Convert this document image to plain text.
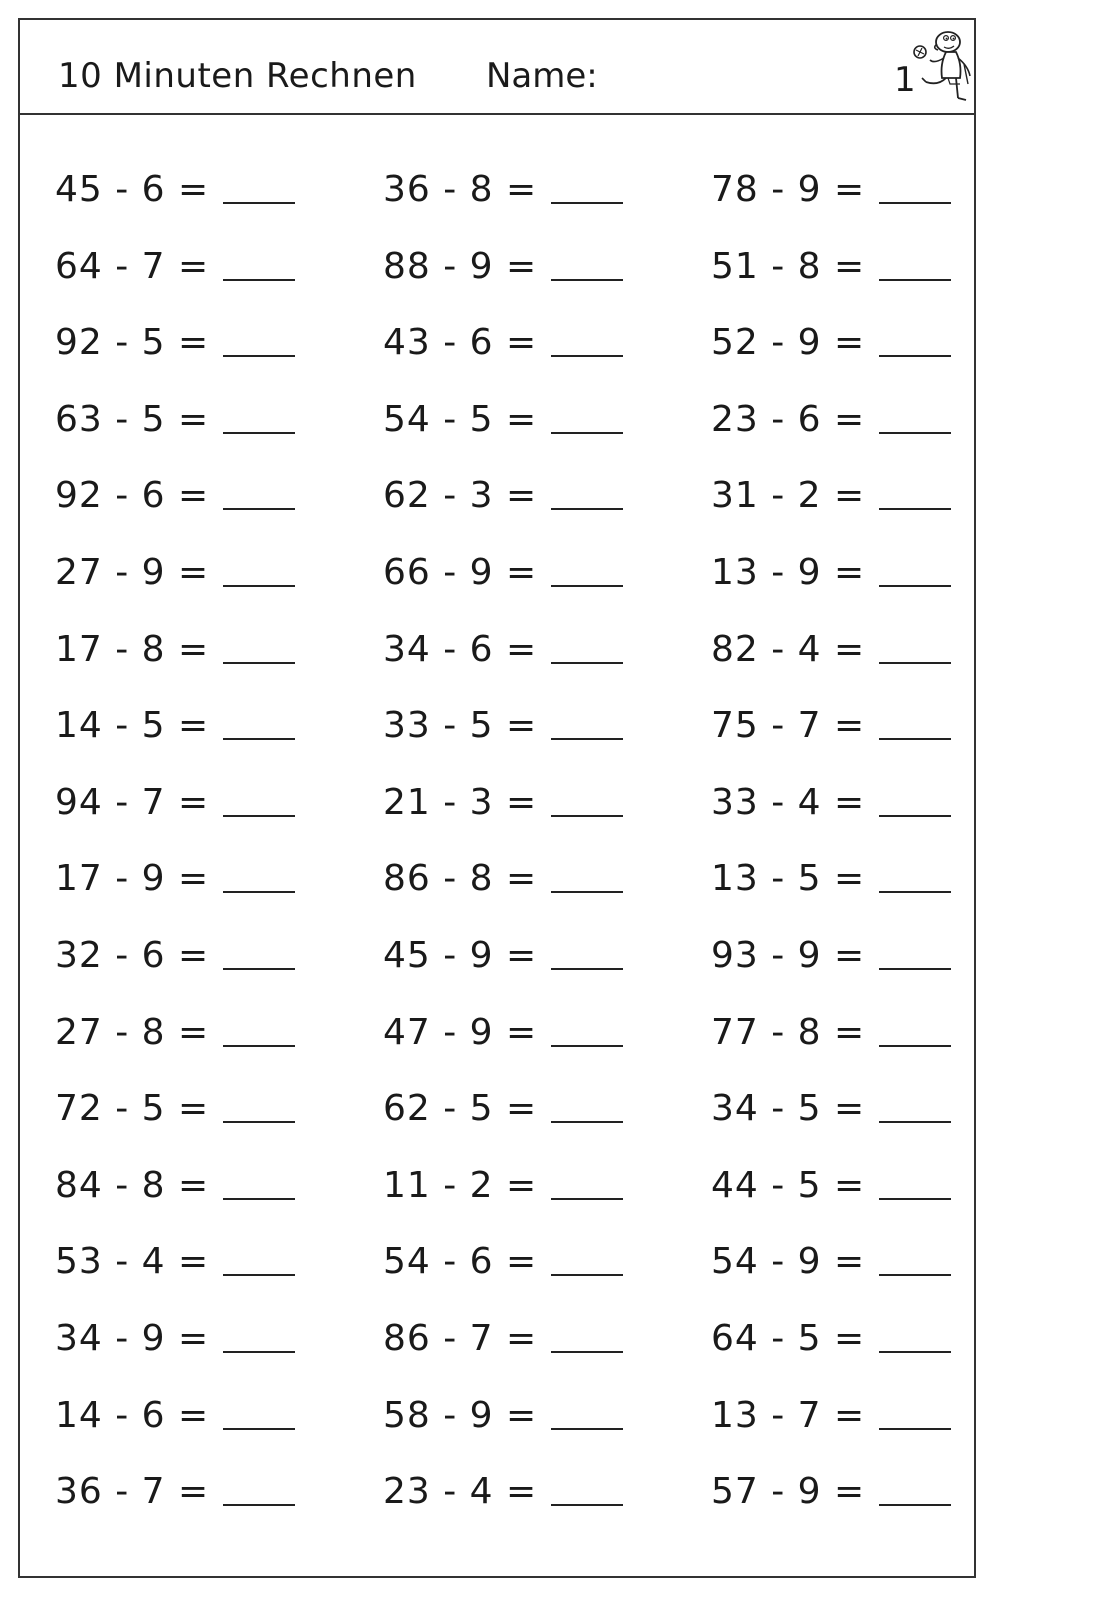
10 Minuten Rechnen Name:	1
45 - 6 =
64 - 7 =
92 - 5 =
63 - 5 =
92 - 6 =
27 - 9 =
17 - 8 =
14 - 5 =
94 - 7 =
17 - 9 =
32 - 6 =
27 - 8 =
72 - 5 =
84 - 8 =
53 - 4 =
34 - 9 =
14 - 6 =
36 - 7 =
36 - 8 =
88 - 9 =
43 - 6 =
54 - 5 =
62 - 3 =
66 - 9 =
34 - 6 =
33 - 5 =
21 - 3 =
86 - 8 =
45 - 9 =
47 - 9 =
62 - 5 =
11 - 2 =
54 - 6 =
86 - 7 =
58 - 9 =
23 - 4 =
78 - 9 =
51 - 8 =
52 - 9 =
23 - 6 =
31 - 2 =
13 - 9 =
82 - 4 =
75 - 7 =
33 - 4 =
13 - 5 =
93 - 9 =
77 - 8 =
34 - 5 =
44 - 5 =
54 - 9 =
64 - 5 =
13 - 7 =
57 - 9 =
